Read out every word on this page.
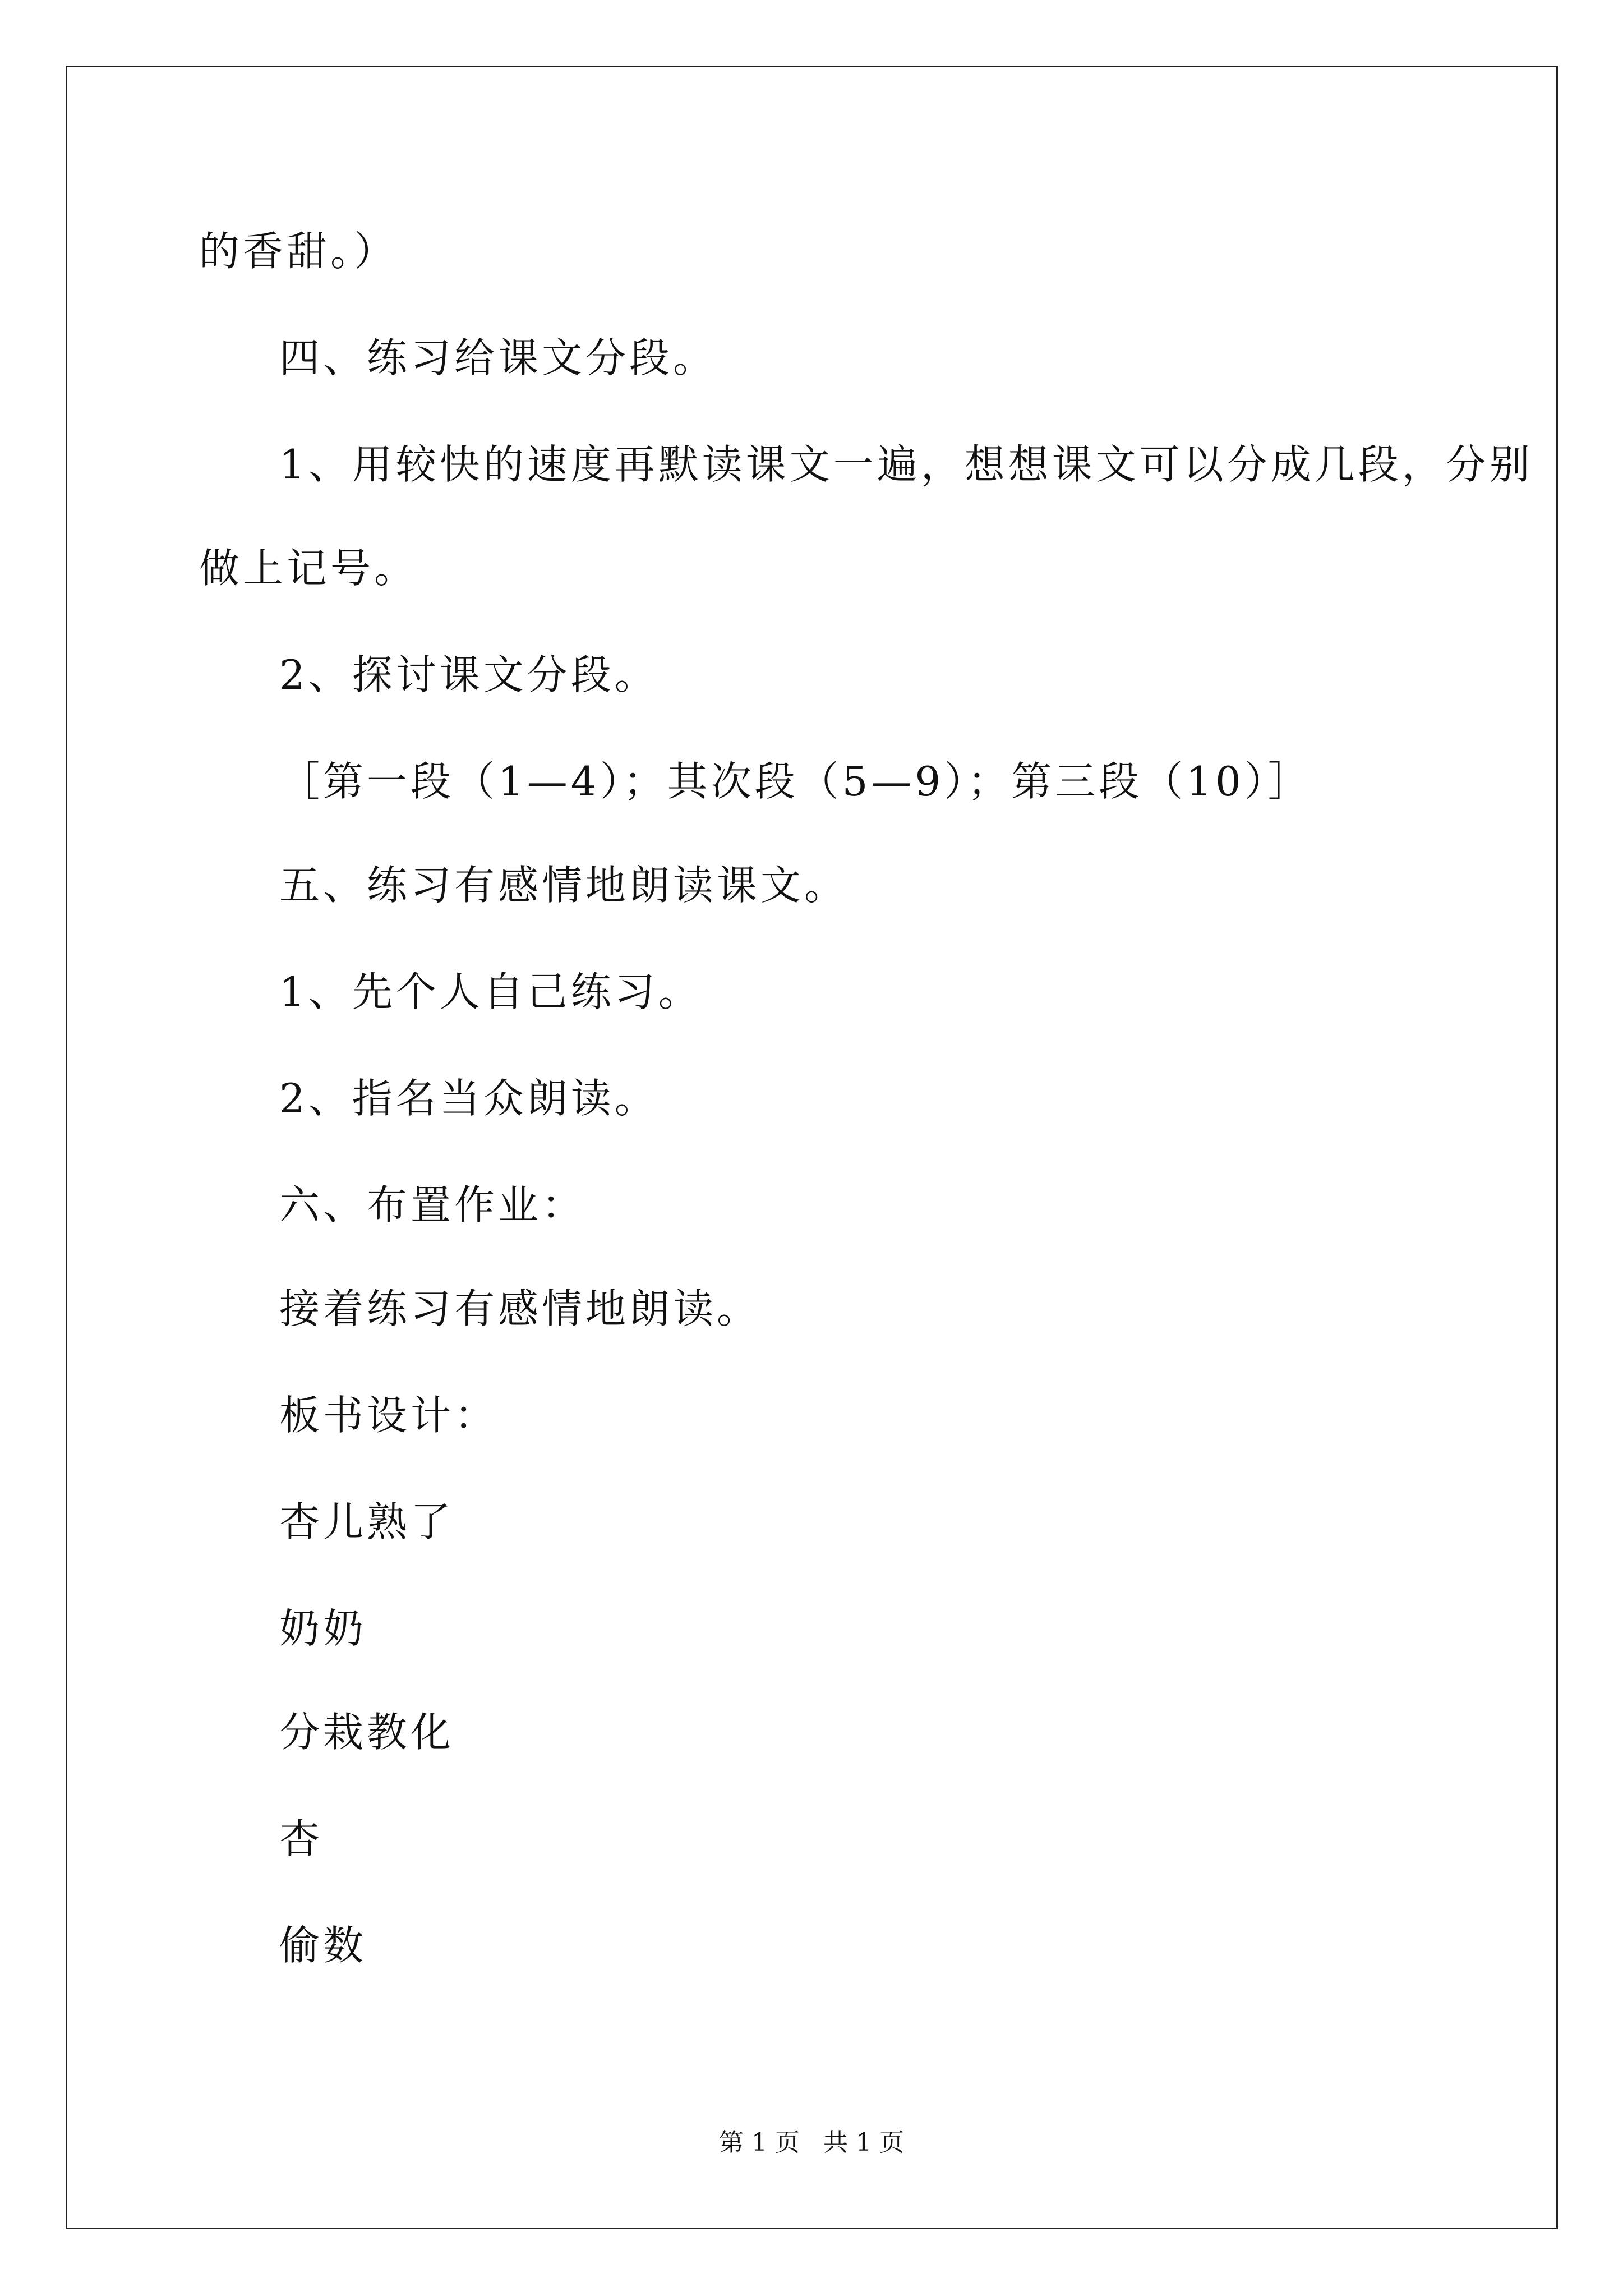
的香甜。）
四、练习给课文分段。
1、用较快的速度再默读课文一遍，想想课文可以分成几段，分别
做上记号。
2、探讨课文分段。
［第一段（1—4）；其次段（5—9）；第三段（10）］
五、练习有感情地朗读课文。
1、先个人自己练习。
2、指名当众朗读。
六、布置作业：
接着练习有感情地朗读。
板书设计：
杏儿熟了
奶奶
分栽教化
杏
偷数
第 1 页   共 1 页
